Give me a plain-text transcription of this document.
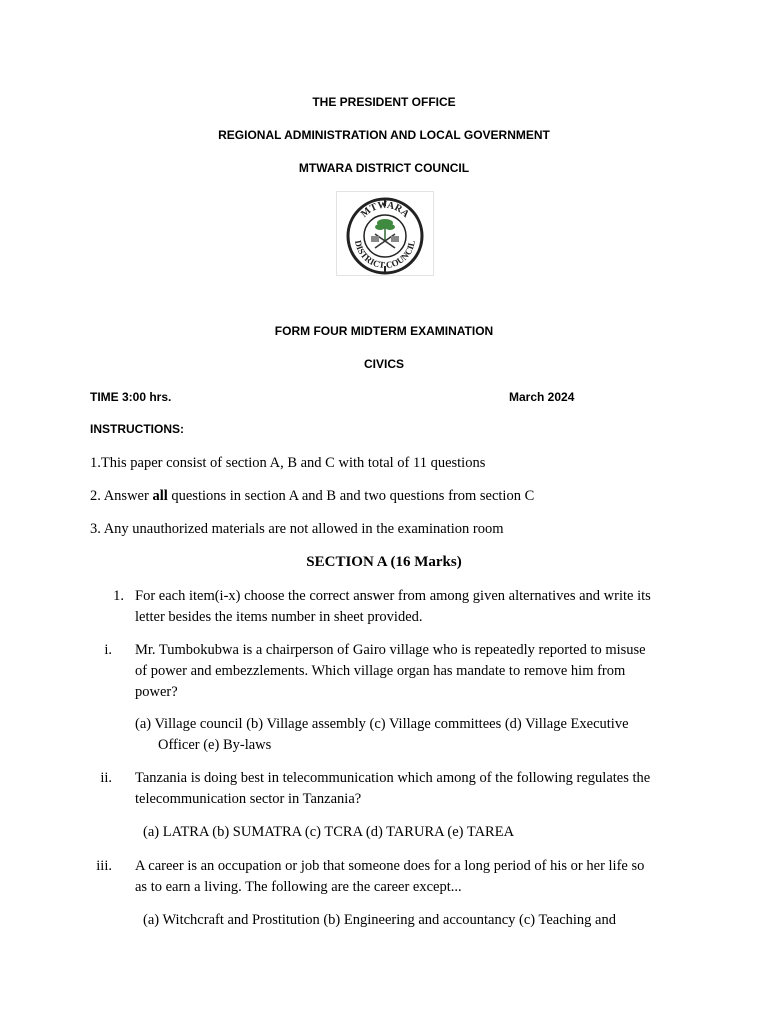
THE PRESIDENT OFFICE
REGIONAL ADMINISTRATION AND LOCAL GOVERNMENT
MTWARA DISTRICT COUNCIL
MTWARA
DISTRICT COUNCIL
FORM FOUR MIDTERM EXAMINATION
CIVICS
TIME 3:00 hrs.	March 2024
INSTRUCTIONS:
1.This paper consist of section A, B and C with total of 11 questions
2. Answer all questions in section A and B and two questions from section C
3. Any unauthorized materials are not allowed in the examination room
SECTION A (16 Marks)
1. For each item(i-x) choose the correct answer from among given alternatives and write its
letter besides the items number in sheet provided.
i. Mr. Tumbokubwa is a chairperson of Gairo village who is repeatedly reported to misuse
of power and embezzlements. Which village organ has mandate to remove him from
power?
(a) Village council (b) Village assembly (c) Village committees (d) Village Executive
Officer (e) By-laws
ii. Tanzania is doing best in telecommunication which among of the following regulates the
telecommunication sector in Tanzania?
(a) LATRA (b) SUMATRA (c) TCRA (d) TARURA (e) TAREA
iii. A career is an occupation or job that someone does for a long period of his or her life so
as to earn a living. The following are the career except...
(a) Witchcraft and Prostitution (b) Engineering and accountancy (c) Teaching and
